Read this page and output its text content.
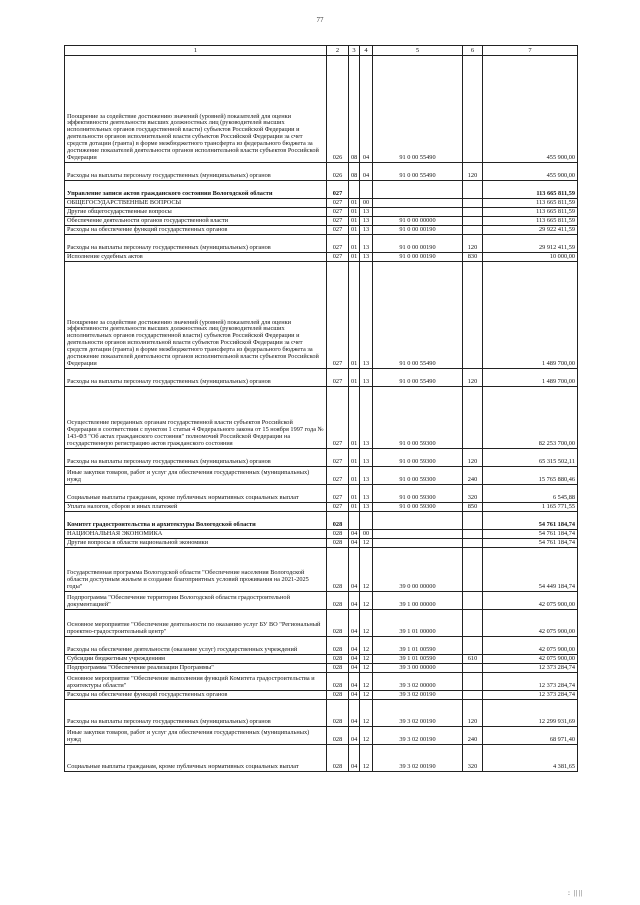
77
1	2	3	4	5	6	7
Поощрение за содействие достижению значений (уровней) показателей для оценки эффективности деятельности высших должностных лиц (руководителей высших исполнительных органов государственной власти) субъектов Российской Федерации и деятельности органов исполнительной власти субъектов Российской Федерации за счет средств дотации (гранта) в форме межбюджетного трансферта из федерального бюджета за достижение показателей деятельности органов исполнительной власти субъектов Российской Федерации	026	08	04	91 0 00 55490		455 900,00
Расходы на выплаты персоналу государственных (муниципальных) органов	026	08	04	91 0 00 55490	120	455 900,00
Управление записи актов гражданского состояния Вологодской области	027					113 665 811,59
ОБЩЕГОСУДАРСТВЕННЫЕ ВОПРОСЫ	027	01	00			113 665 811,59
Другие общегосударственные вопросы	027	01	13			113 665 811,59
Обеспечение деятельности органов государственной власти	027	01	13	91 0 00 00000		113 665 811,59
Расходы на обеспечение функций государственных органов	027	01	13	91 0 00 00190		29 922 411,59
Расходы на выплаты персоналу государственных (муниципальных) органов	027	01	13	91 0 00 00190	120	29 912 411,59
Исполнение судебных актов	027	01	13	91 0 00 00190	830	10 000,00
Поощрение за содействие достижению значений (уровней) показателей для оценки эффективности деятельности высших должностных лиц (руководителей высших исполнительных органов государственной власти) субъектов Российской Федерации и деятельности органов исполнительной власти субъектов Российской Федерации за счет средств дотации (гранта) в форме межбюджетного трансферта из федерального бюджета за достижение показателей деятельности органов исполнительной власти субъектов Российской Федерации	027	01	13	91 0 00 55490		1 489 700,00
Расходы на выплаты персоналу государственных (муниципальных) органов	027	01	13	91 0 00 55490	120	1 489 700,00
Осуществление переданных органам государственной власти субъектов Российской Федерации в соответствии с пунктом 1 статьи 4 Федерального закона от 15 ноября 1997 года № 143-ФЗ "Об актах гражданского состояния" полномочий Российской Федерации на государственную регистрацию актов гражданского состояния	027	01	13	91 0 00 59300		82 253 700,00
Расходы на выплаты персоналу государственных (муниципальных) органов	027	01	13	91 0 00 59300	120	65 315 502,11
Иные закупки товаров, работ и услуг для обеспечения государственных (муниципальных) нужд	027	01	13	91 0 00 59300	240	15 765 880,46
Социальные выплаты гражданам, кроме публичных нормативных социальных выплат	027	01	13	91 0 00 59300	320	6 545,88
Уплата налогов, сборов и иных платежей	027	01	13	91 0 00 59300	850	1 165 771,55
Комитет градостроительства и архитектуры Вологодской области	028					54 761 184,74
НАЦИОНАЛЬНАЯ ЭКОНОМИКА	028	04	00			54 761 184,74
Другие вопросы в области национальной экономики	028	04	12			54 761 184,74
Государственная программа Вологодской области "Обеспечение населения Вологодской области доступным жильем и создание благоприятных условий проживания на 2021-2025 годы"	028	04	12	39 0 00 00000		54 449 184,74
Подпрограмма "Обеспечение территории Вологодской области градостроительной документацией"	028	04	12	39 1 00 00000		42 075 900,00
Основное мероприятие "Обеспечение деятельности по оказанию услуг БУ ВО "Региональный проектно-градостроительный центр"	028	04	12	39 1 01 00000		42 075 900,00
Расходы на обеспечение деятельности (оказание услуг) государственных учреждений	028	04	12	39 1 01 00590		42 075 900,00
Субсидии бюджетным учреждениям	028	04	12	39 1 01 00590	610	42 075 900,00
Подпрограмма "Обеспечение реализации Программы"	028	04	12	39 3 00 00000		12 373 284,74
Основное мероприятие "Обеспечение выполнения функций Комитета градостроительства и архитектуры области"	028	04	12	39 3 02 00000		12 373 284,74
Расходы на обеспечение функций государственных органов	028	04	12	39 3 02 00190		12 373 284,74
Расходы на выплаты персоналу государственных (муниципальных) органов	028	04	12	39 3 02 00190	120	12 299 931,69
Иные закупки товаров, работ и услуг для обеспечения государственных (муниципальных) нужд	028	04	12	39 3 02 00190	240	68 971,40
Социальные выплаты гражданам, кроме публичных нормативных социальных выплат	028	04	12	39 3 02 00190	320	4 381,65
: ||||
